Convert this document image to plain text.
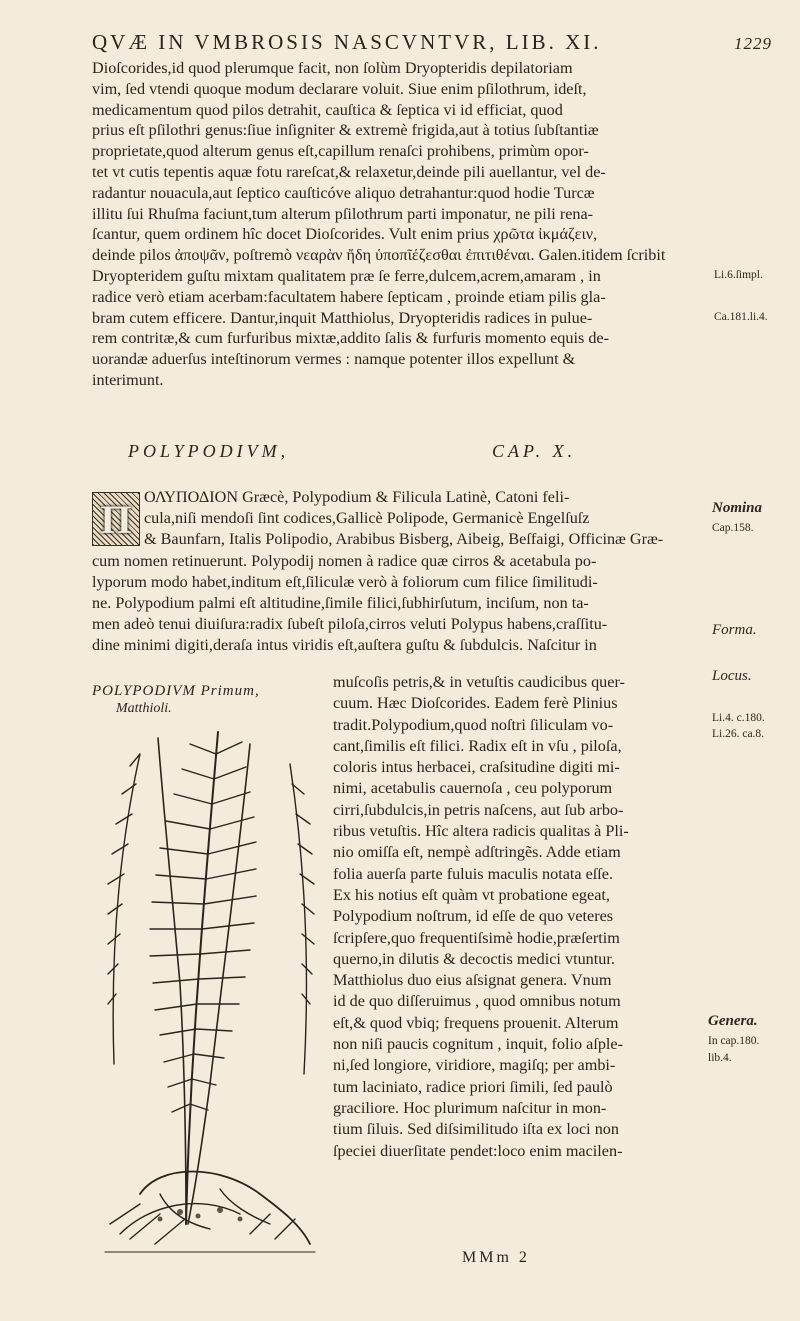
QVÆ IN VMBROSIS NASCVNTVR, LIB. XI.	1229
Dioſcorides,id quod plerumque facit, non ſolùm Dryopteridis depilatoriam
vim, ſed vtendi quoque modum declarare voluit. Siue enim pſilothrum, ideſt,
medicamentum quod pilos detrahit, cauſtica & ſeptica vi id efficiat, quod
prius eſt pſilothri genus:ſiue inſigniter & extremè frigida,aut à totius ſubſtantiæ
proprietate,quod alterum genus eſt,capillum renaſci prohibens, primùm opor-
tet vt cutis tepentis aquæ fotu rareſcat,& relaxetur,deinde pili auellantur, vel de-
radantur nouacula,aut ſeptico cauſticóve aliquo detrahantur:quod hodie Turcæ
illitu ſui Rhuſma faciunt,tum alterum pſilothrum parti imponatur, ne pili rena-
ſcantur, quem ordinem hîc docet Dioſcorides. Vult enim prius χρῶτα ἰκμάζειν,
deinde pilos ἀποψᾶν, poſtremò νεαρὰν ἤδη ὑποπῖέζεσθαι ἐπιτιθέναι. Galen.itidem ſcribit
Dryopteridem guſtu mixtam qualitatem præ ſe ferre,dulcem,acrem,amaram , in
radice verò etiam acerbam:facultatem habere ſepticam , proinde etiam pilis gla-
bram cutem efficere. Dantur,inquit Matthiolus, Dryopteridis radices in pulue-
rem contritæ,& cum furfuribus mixtæ,addito ſalis & furfuris momento equis de-
uorandæ aduerſus inteſtinorum vermes : namque potenter illos expellunt &
interimunt.
Li.6.ſimpl.
Ca.181.li.4.
POLYPODIVM,	CAP. X.
Π ΟΛΥΠΟΔΙΟΝ Græcè, Polypodium & Filicula Latinè, Catoni feli-
cula,niſi mendoſi ſint codices,Gallicè Polipode, Germanicè Engelſuſz
& Baunfarn, Italis Polipodio, Arabibus Bisberg, Aibeig, Beſfaigi, Officinæ Græ-
cum nomen retinuerunt. Polypodij nomen à radice quæ cirros & acetabula po-
lyporum modo habet,inditum eſt,ſiliculæ verò à foliorum cum filice ſimilitudi-
ne. Polypodium palmi eſt altitudine,ſimile filici,ſubhirſutum, inciſum, non ta-
men adeò tenui diuiſura:radix ſubeſt piloſa,cirros veluti Polypus habens,craſſitu-
dine minimi digiti,deraſa intus viridis eſt,auſtera guſtu & ſubdulcis. Naſcitur in
Nomina
Cap.158.
Forma.
Locus.
POLYPODIVM Primum,
Matthioli.
muſcoſis petris,& in vetuſtis caudicibus quer-
cuum. Hæc Dioſcorides. Eadem ferè Plinius
tradit.Polypodium,quod noſtri ſiliculam vo-
cant,ſimilis eſt filici. Radix eſt in vſu , piloſa,
coloris intus herbacei, craſsitudine digiti mi-
nimi, acetabulis cauernoſa , ceu polyporum
cirri,ſubdulcis,in petris naſcens, aut ſub arbo-
ribus vetuſtis. Hîc altera radicis qualitas à Pli-
nio omiſſa eſt, nempè adſtringẽs. Adde etiam
folia auerſa parte fuluis maculis notata eſſe.
Ex his notius eſt quàm vt probatione egeat,
Polypodium noſtrum, id eſſe de quo veteres
ſcripſere,quo frequentiſsimè hodie,præſertim
querno,in dilutis & decoctis medici vtuntur.
Matthiolus duo eius aſsignat genera. Vnum
id de quo diſſeruimus , quod omnibus notum
eſt,& quod vbiq; frequens prouenit. Alterum
non niſi paucis cognitum , inquit, folio aſple-
ni,ſed longiore, viridiore, magiſq; per ambi-
tum laciniato, radice priori ſimili, ſed paulò
graciliore. Hoc plurimum naſcitur in mon-
tium ſiluis. Sed diſsimilitudo iſta ex loci non
ſpeciei diuerſitate pendet:loco enim macilen-
Li.4. c.180.
Li.26. ca.8.
Genera.
In cap.180.
lib.4.
MMm 2
